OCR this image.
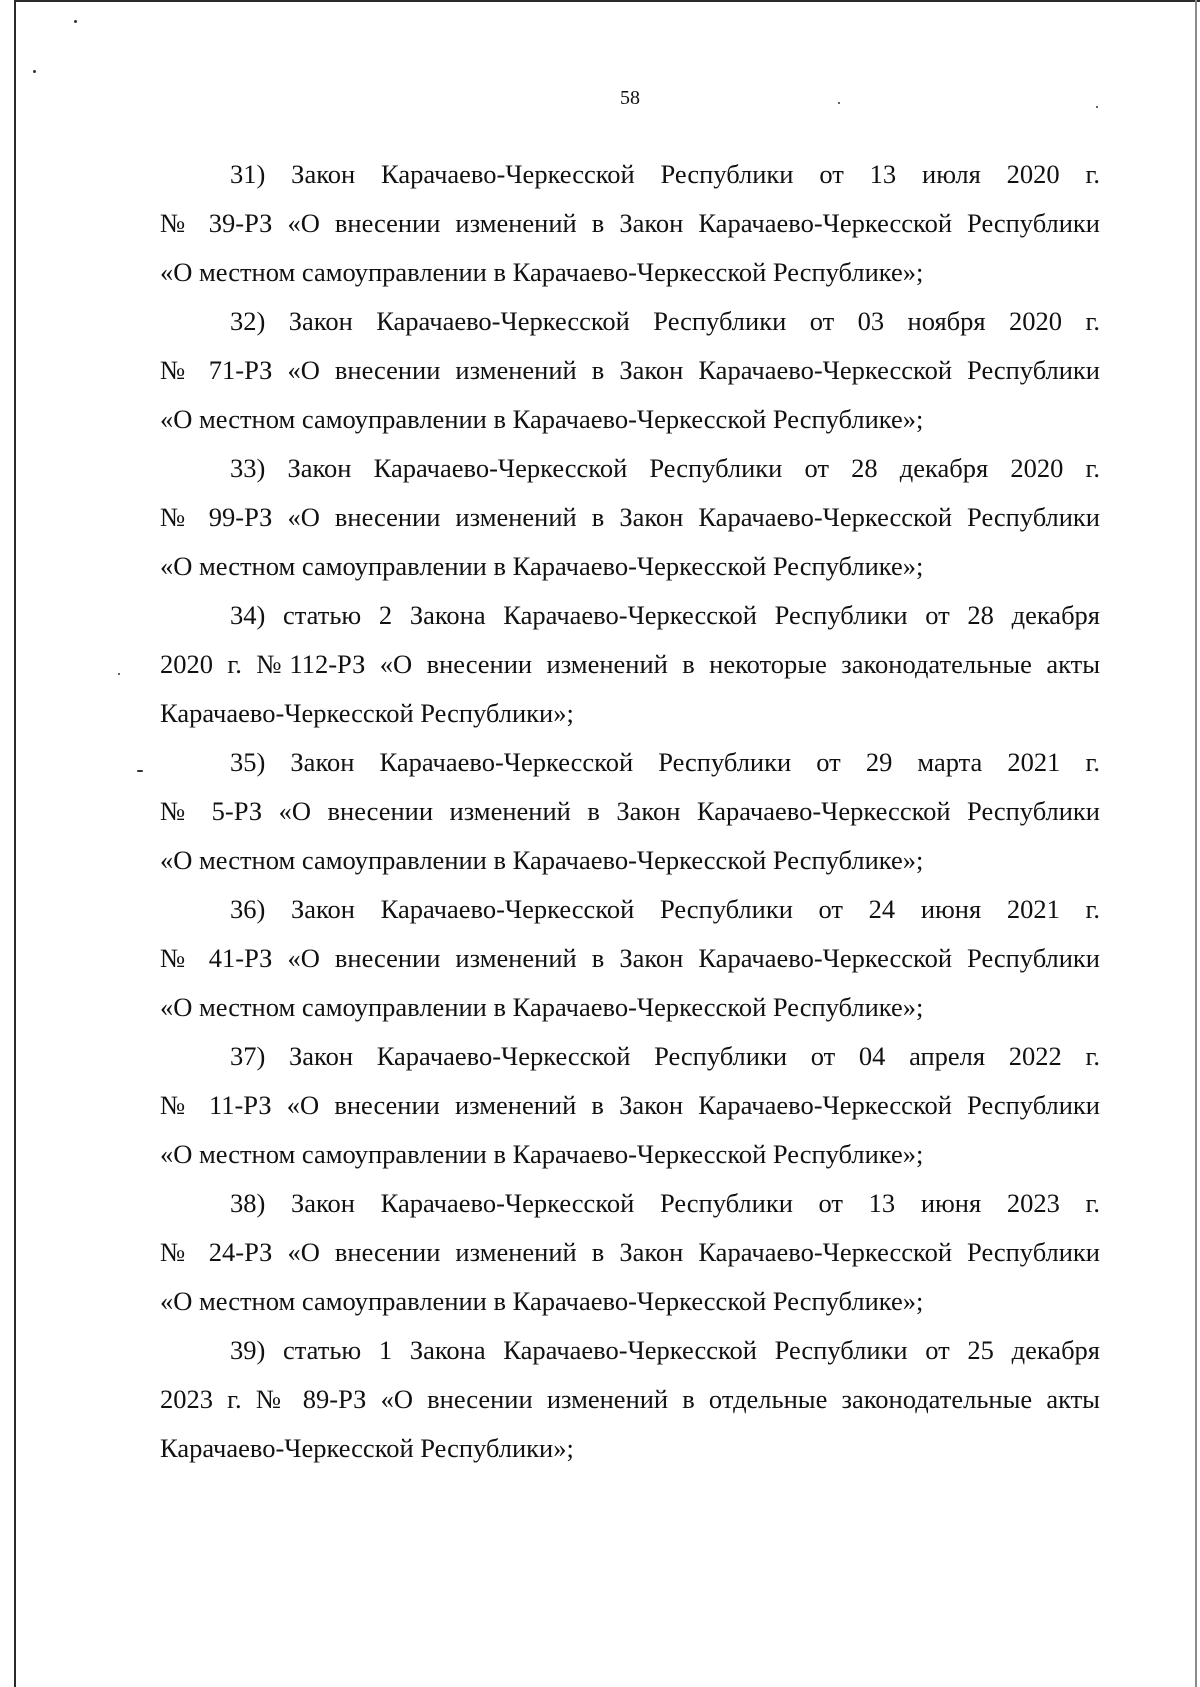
58
31) Закон Карачаево-Черкесской Республики от 13 июля 2020 г.
№ 39-РЗ «О внесении изменений в Закон Карачаево-Черкесской Республики
«О местном самоуправлении в Карачаево-Черкесской Республике»;
32) Закон Карачаево-Черкесской Республики от 03 ноября 2020 г.
№ 71-РЗ «О внесении изменений в Закон Карачаево-Черкесской Республики
«О местном самоуправлении в Карачаево-Черкесской Республике»;
33) Закон Карачаево-Черкесской Республики от 28 декабря 2020 г.
№ 99-РЗ «О внесении изменений в Закон Карачаево-Черкесской Республики
«О местном самоуправлении в Карачаево-Черкесской Республике»;
34) статью 2 Закона Карачаево-Черкесской Республики от 28 декабря
2020 г. №112-РЗ «О внесении изменений в некоторые законодательные акты
Карачаево-Черкесской Республики»;
35) Закон Карачаево-Черкесской Республики от 29 марта 2021 г.
№ 5-РЗ «О внесении изменений в Закон Карачаево-Черкесской Республики
«О местном самоуправлении в Карачаево-Черкесской Республике»;
36) Закон Карачаево-Черкесской Республики от 24 июня 2021 г.
№ 41-РЗ «О внесении изменений в Закон Карачаево-Черкесской Республики
«О местном самоуправлении в Карачаево-Черкесской Республике»;
37) Закон Карачаево-Черкесской Республики от 04 апреля 2022 г.
№ 11-РЗ «О внесении изменений в Закон Карачаево-Черкесской Республики
«О местном самоуправлении в Карачаево-Черкесской Республике»;
38) Закон Карачаево-Черкесской Республики от 13 июня 2023 г.
№ 24-РЗ «О внесении изменений в Закон Карачаево-Черкесской Республики
«О местном самоуправлении в Карачаево-Черкесской Республике»;
39) статью 1 Закона Карачаево-Черкесской Республики от 25 декабря
2023 г. № 89-РЗ «О внесении изменений в отдельные законодательные акты
Карачаево-Черкесской Республики»;
